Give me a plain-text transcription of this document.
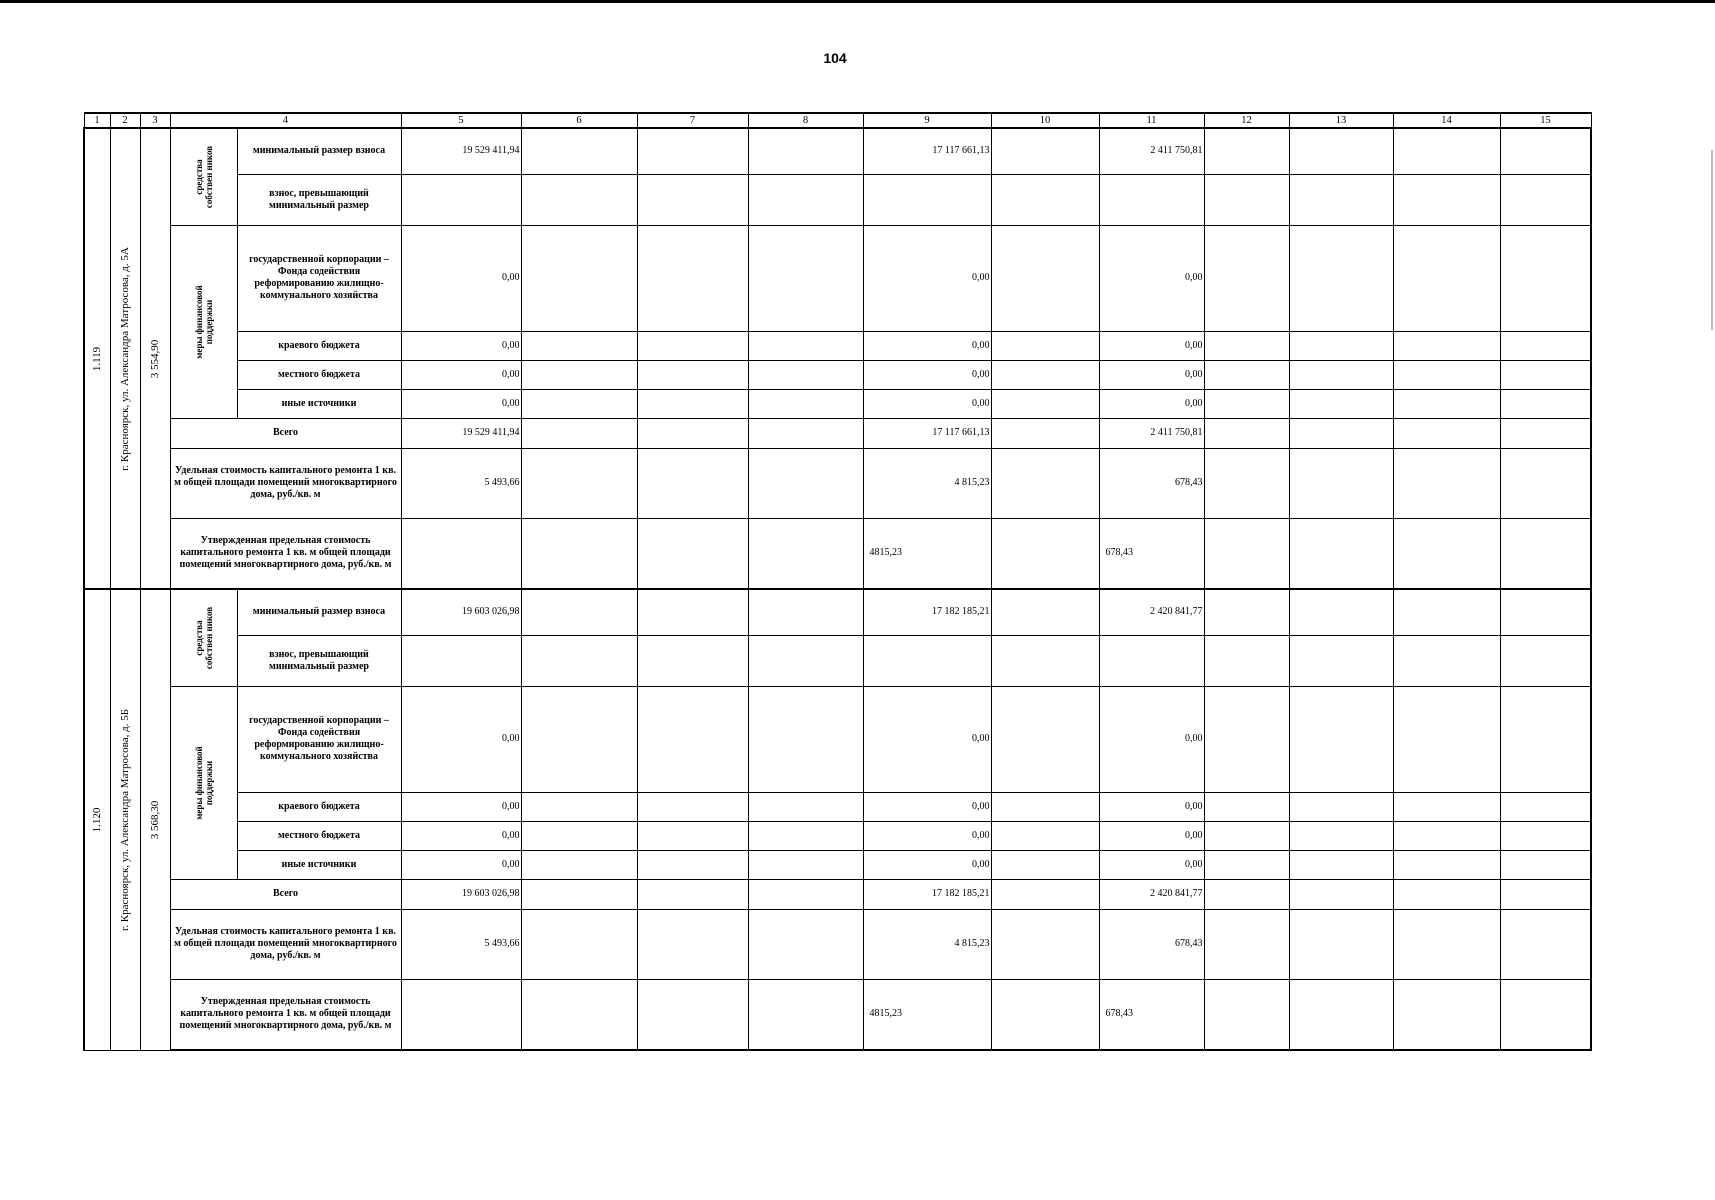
104
1	2	3	4		5	6	7	8	9	10	11	12	13	14	15

1.119	г. Красноярск, ул. Александра Матросова, д. 5А	3 554,90	средства собствен ников	минимальный размер взноса	19 529 411,94				17 117 661,13		2 411 750,81				
				взнос, превышающий минимальный размер											

			меры финансовой поддержки	государственной корпорации – Фонда содействия реформированию жилищно-коммунального хозяйства	0,00				0,00		0,00				
				краевого бюджета	0,00				0,00		0,00				
				местного бюджета	0,00				0,00		0,00				
				иные источники	0,00				0,00		0,00				
			Всего		19 529 411,94				17 117 661,13		2 411 750,81				
			Удельная стоимость капитального ремонта 1 кв. м общей площади помещений многоквартирного дома, руб./кв. м		5 493,66				4 815,23		678,43				
			Утвержденная предельная стоимость капитального ремонта 1 кв. м общей площади помещений многоквартирного дома, руб./кв. м						4815,23		678,43				

1.120	г. Красноярск, ул. Александра Матросова, д. 5Б	3 568,30	средства собствен ников	минимальный размер взноса	19 603 026,98				17 182 185,21		2 420 841,77				
				взнос, превышающий минимальный размер											

			меры финансовой поддержки	государственной корпорации – Фонда содействия реформированию жилищно-коммунального хозяйства	0,00				0,00		0,00				
				краевого бюджета	0,00				0,00		0,00				
				местного бюджета	0,00				0,00		0,00				
				иные источники	0,00				0,00		0,00				
			Всего		19 603 026,98				17 182 185,21		2 420 841,77				
			Удельная стоимость капитального ремонта 1 кв. м общей площади помещений многоквартирного дома, руб./кв. м		5 493,66				4 815,23		678,43				
			Утвержденная предельная стоимость капитального ремонта 1 кв. м общей площади помещений многоквартирного дома, руб./кв. м						4815,23		678,43				
